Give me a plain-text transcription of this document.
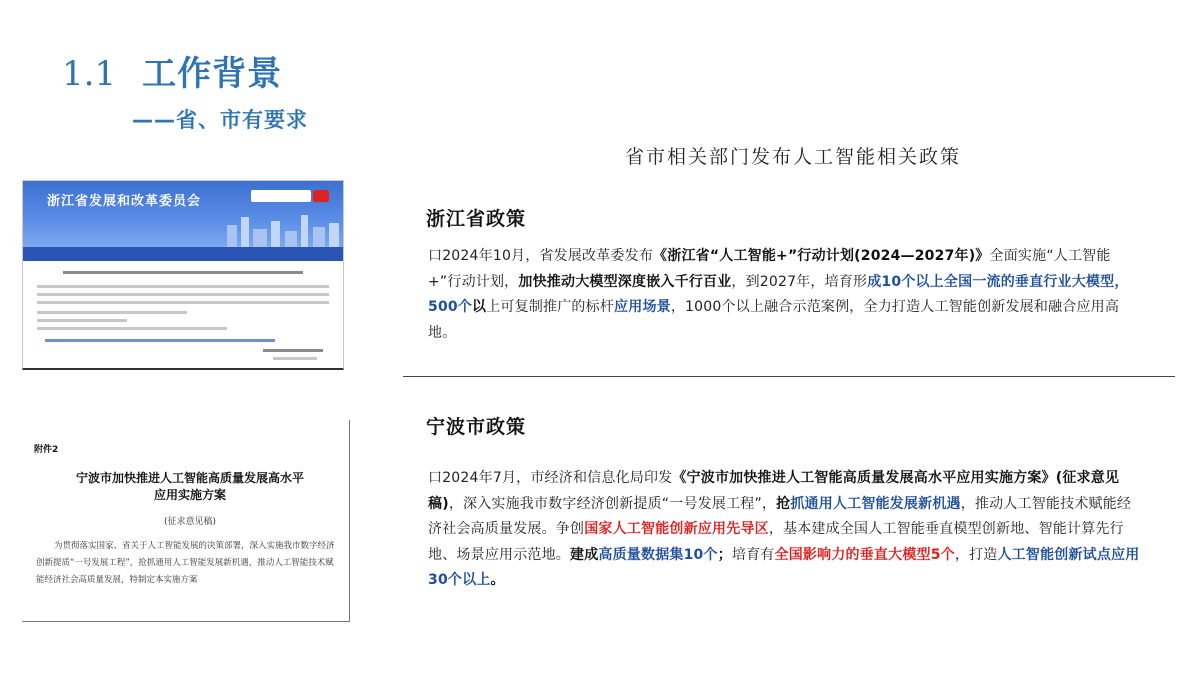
1.1 工作背景
——省、市有要求
省市相关部门发布人工智能相关政策
浙江省发展和改革委员会
附件2
宁波市加快推进人工智能高质量发展高水平
应用实施方案
(征求意见稿)
为贯彻落实国家、省关于人工智能发展的决策部署，深入实施我市数字经济创新提质“一号发展工程”，抢抓通用人工智能发展新机遇，推动人工智能技术赋能经济社会高质量发展，特制定本实施方案
浙江省政策
口2024年10月，省发展改革委发布《浙江省“人工智能+”行动计划(2024—2027年)》全面实施“人工智能+”行动计划，加快推动大模型深度嵌入千行百业，到2027年，培育形成10个以上全国一流的垂直行业大模型，500个以上可复制推广的标杆应用场景，1000个以上融合示范案例，全力打造人工智能创新发展和融合应用高地。
宁波市政策
口2024年7月，市经济和信息化局印发《宁波市加快推进人工智能高质量发展高水平应用实施方案》(征求意见稿)，深入实施我市数字经济创新提质“一号发展工程”，抢抓通用人工智能发展新机遇，推动人工智能技术赋能经济社会高质量发展。争创国家人工智能创新应用先导区，基本建成全国人工智能垂直模型创新地、智能计算先行地、场景应用示范地。建成高质量数据集10个；培育有全国影响力的垂直大模型5个，打造人工智能创新试点应用30个以上。
